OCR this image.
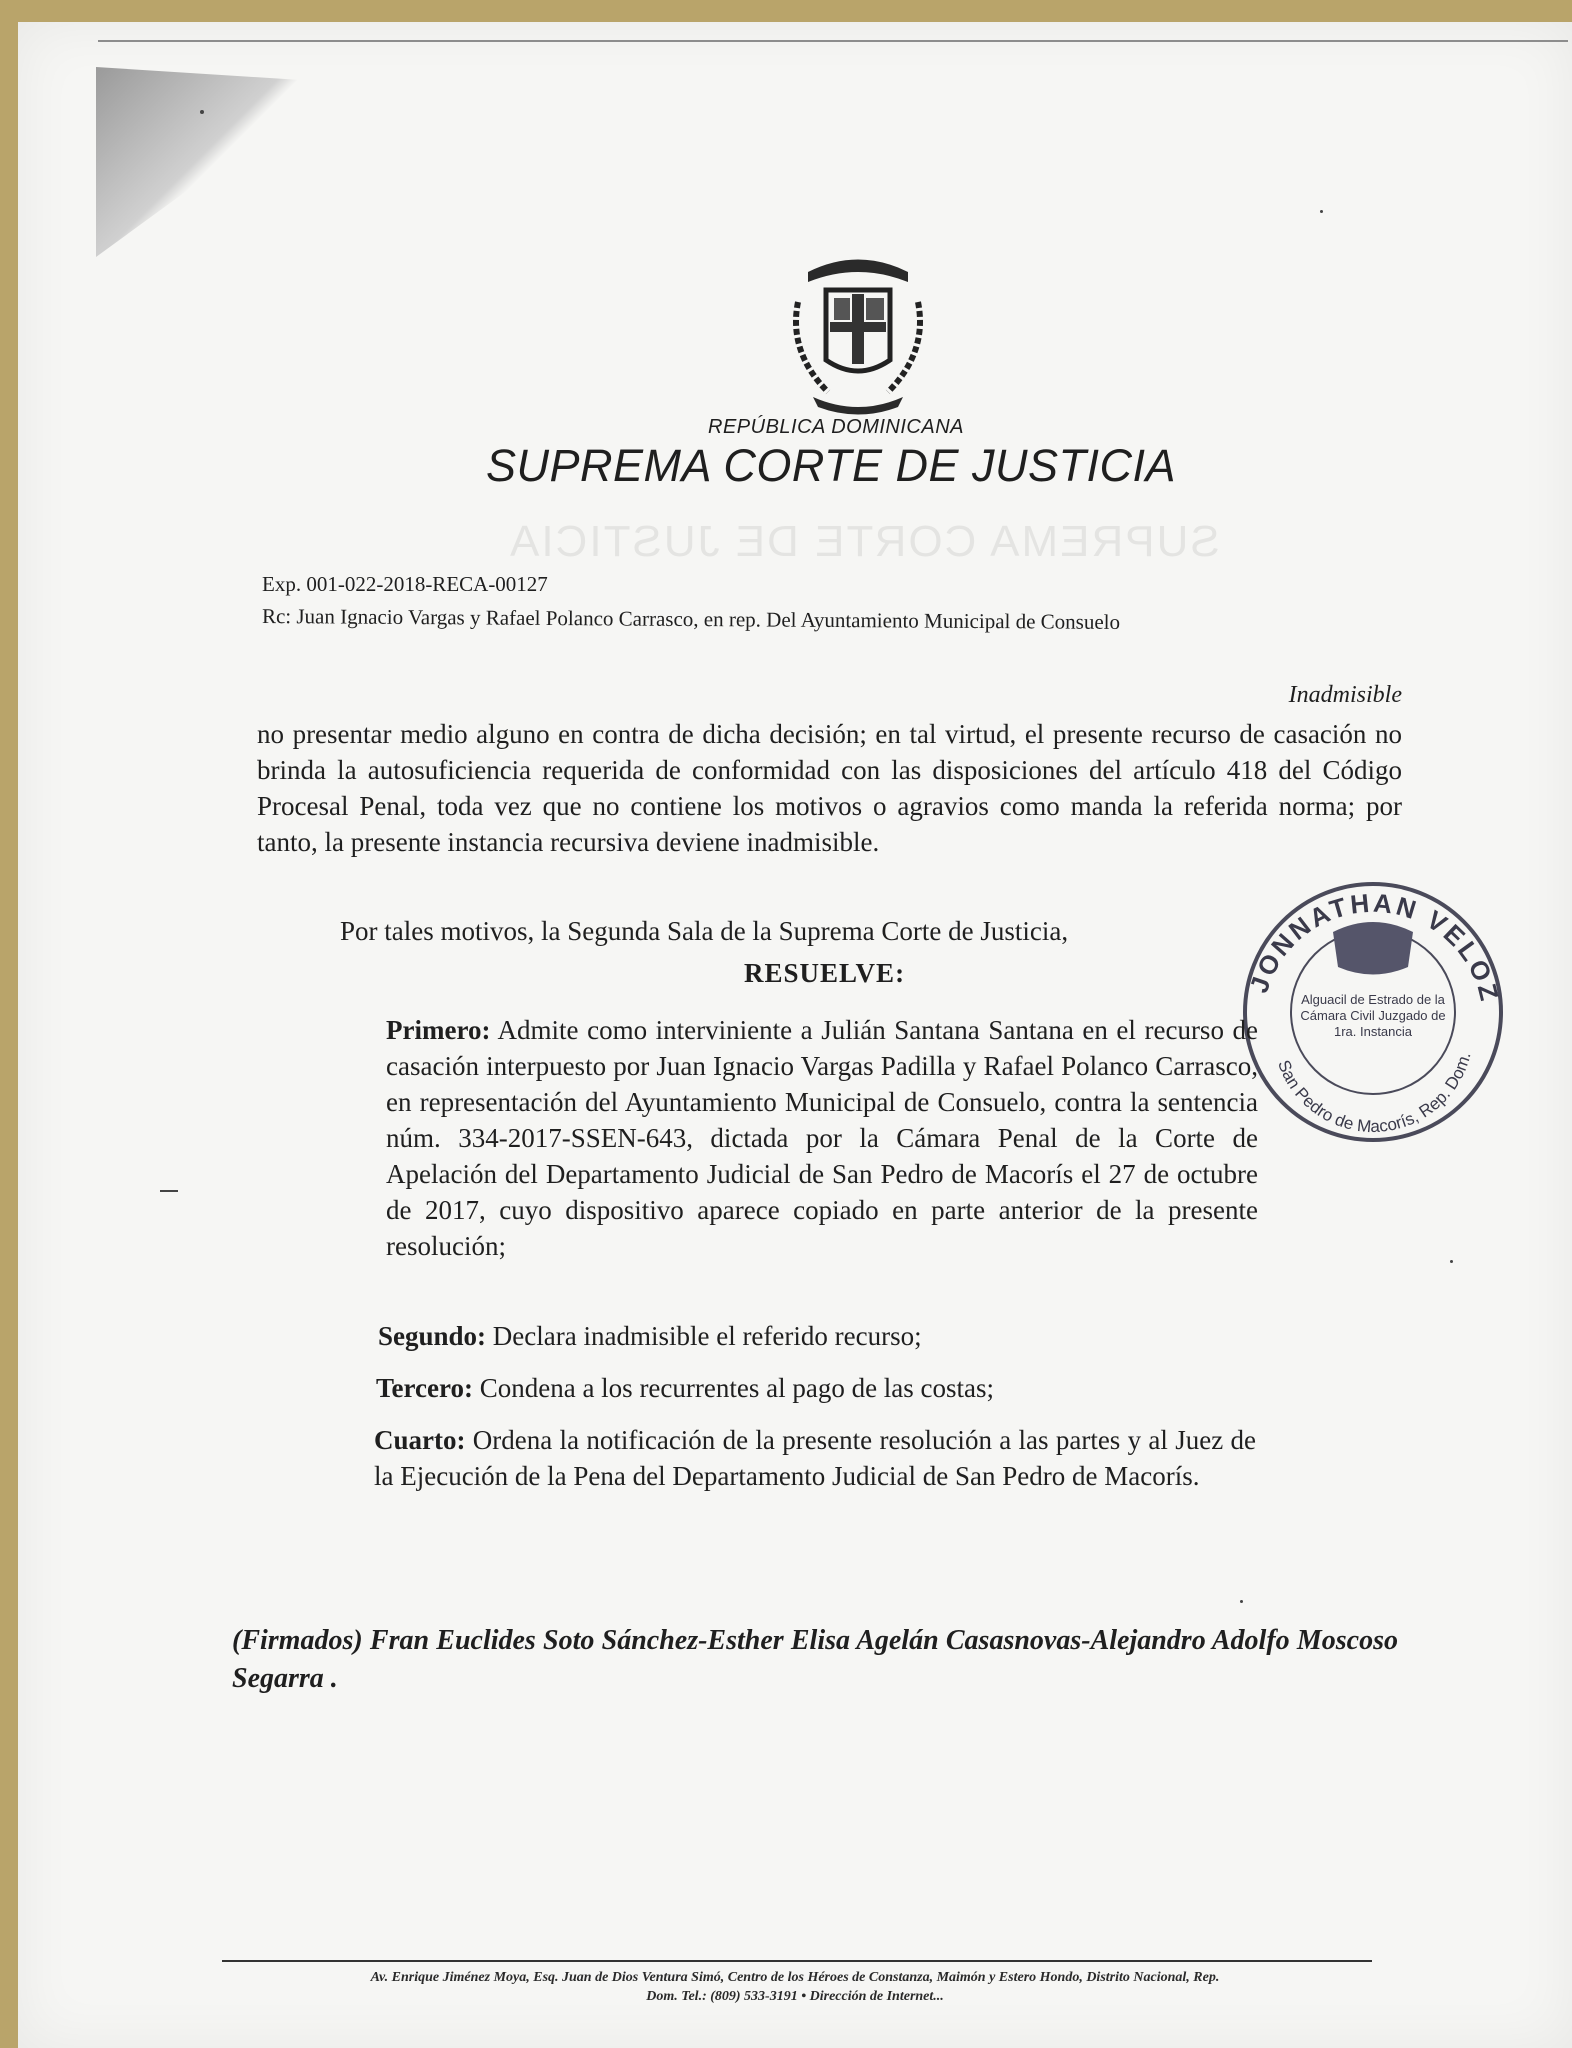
SUPREMA CORTE DE JUSTICIA
Alguacil de Estrado de la
Cámara Civil Juzgado de
1ra. Instancia
JONNATHAN VELOZ
San Pedro de Macorís, Rep. Dom.
REPÚBLICA DOMINICANA
SUPREMA CORTE DE JUSTICIA
Exp. 001-022-2018-RECA-00127
Rc: Juan Ignacio Vargas y Rafael Polanco Carrasco, en rep. Del Ayuntamiento Municipal de Consuelo
Inadmisible
no presentar medio alguno en contra de dicha decisión; en tal virtud, el presente recurso de casación no brinda la autosuficiencia requerida de conformidad con las disposiciones del artículo 418 del Código Procesal Penal, toda vez que no contiene los motivos o agravios como manda la referida norma; por tanto, la presente instancia recursiva deviene inadmisible.
Por tales motivos, la Segunda Sala de la Suprema Corte de Justicia,
RESUELVE:
Primero: Admite como interviniente a Julián Santana Santana en el recurso de casación interpuesto por Juan Ignacio Vargas Padilla y Rafael Polanco Carrasco, en representación del Ayuntamiento Municipal de Consuelo, contra la sentencia núm. 334-2017-SSEN-643, dictada por la Cámara Penal de la Corte de Apelación del Departamento Judicial de San Pedro de Macorís el 27 de octubre de 2017, cuyo dispositivo aparece copiado en parte anterior de la presente resolución;
Segundo: Declara inadmisible el referido recurso;
Tercero: Condena a los recurrentes al pago de las costas;
Cuarto: Ordena la notificación de la presente resolución a las partes y al Juez de la Ejecución de la Pena del Departamento Judicial de San Pedro de Macorís.
(Firmados) Fran Euclides Soto Sánchez-Esther Elisa Agelán Casasnovas-Alejandro Adolfo Moscoso Segarra .
Av. Enrique Jiménez Moya, Esq. Juan de Dios Ventura Simó, Centro de los Héroes de Constanza, Maimón y Estero Hondo, Distrito Nacional, Rep.
Dom. Tel.: (809) 533-3191 • Dirección de Internet...
